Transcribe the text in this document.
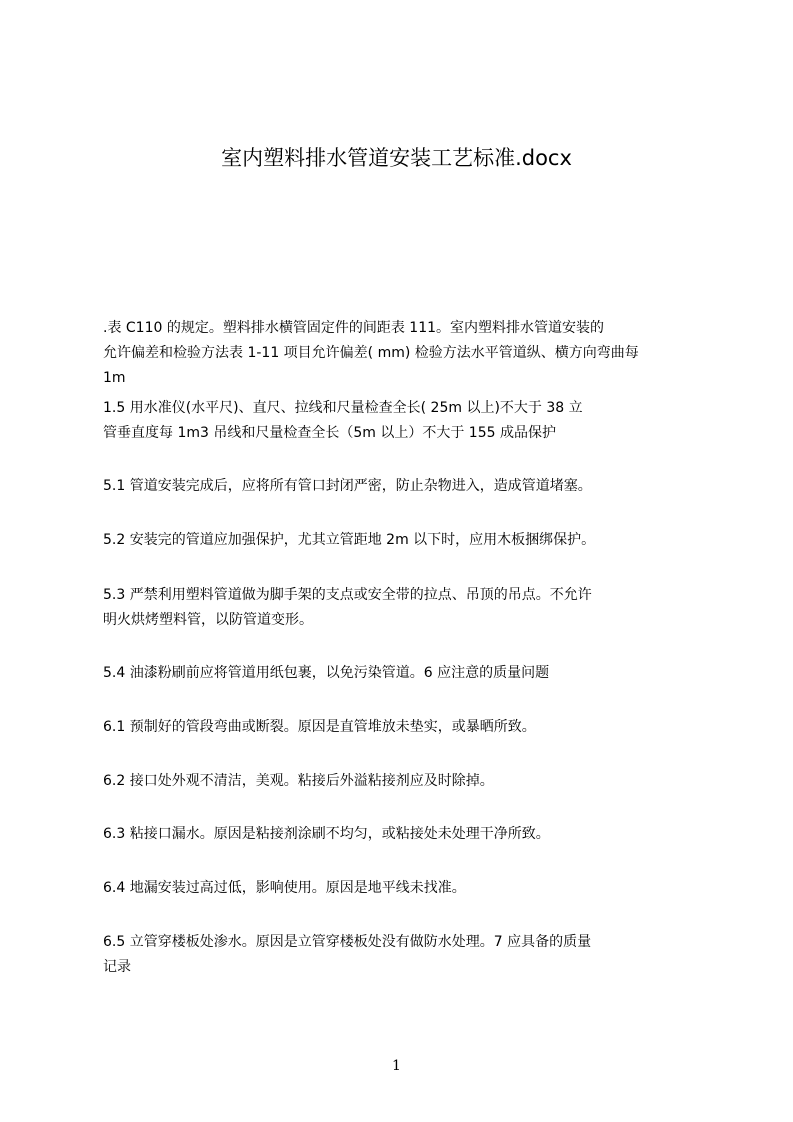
室内塑料排水管道安装工艺标准.docx
.表 C110 的规定。塑料排水横管固定件的间距表 111。室内塑料排水管道安装的
允许偏差和检验方法表 1-11 项目允许偏差( mm) 检验方法水平管道纵、横方向弯曲每
1m
1.5 用水准仪(水平尺)、直尺、拉线和尺量检查全长( 25m 以上)不大于 38 立
管垂直度每 1m3 吊线和尺量检查全长（5m 以上）不大于 155 成品保护
5.1 管道安装完成后，应将所有管口封闭严密，防止杂物进入，造成管道堵塞。
5.2 安装完的管道应加强保护，尤其立管距地 2m 以下时，应用木板捆绑保护。
5.3 严禁利用塑料管道做为脚手架的支点或安全带的拉点、吊顶的吊点。不允许
明火烘烤塑料管，以防管道变形。
5.4 油漆粉刷前应将管道用纸包裹，以免污染管道。6 应注意的质量问题
6.1 预制好的管段弯曲或断裂。原因是直管堆放未垫实，或暴晒所致。
6.2 接口处外观不清洁，美观。粘接后外溢粘接剂应及时除掉。
6.3 粘接口漏水。原因是粘接剂涂刷不均匀，或粘接处未处理干净所致。
6.4 地漏安装过高过低，影响使用。原因是地平线未找准。
6.5 立管穿楼板处渗水。原因是立管穿楼板处没有做防水处理。7 应具备的质量
记录
1
